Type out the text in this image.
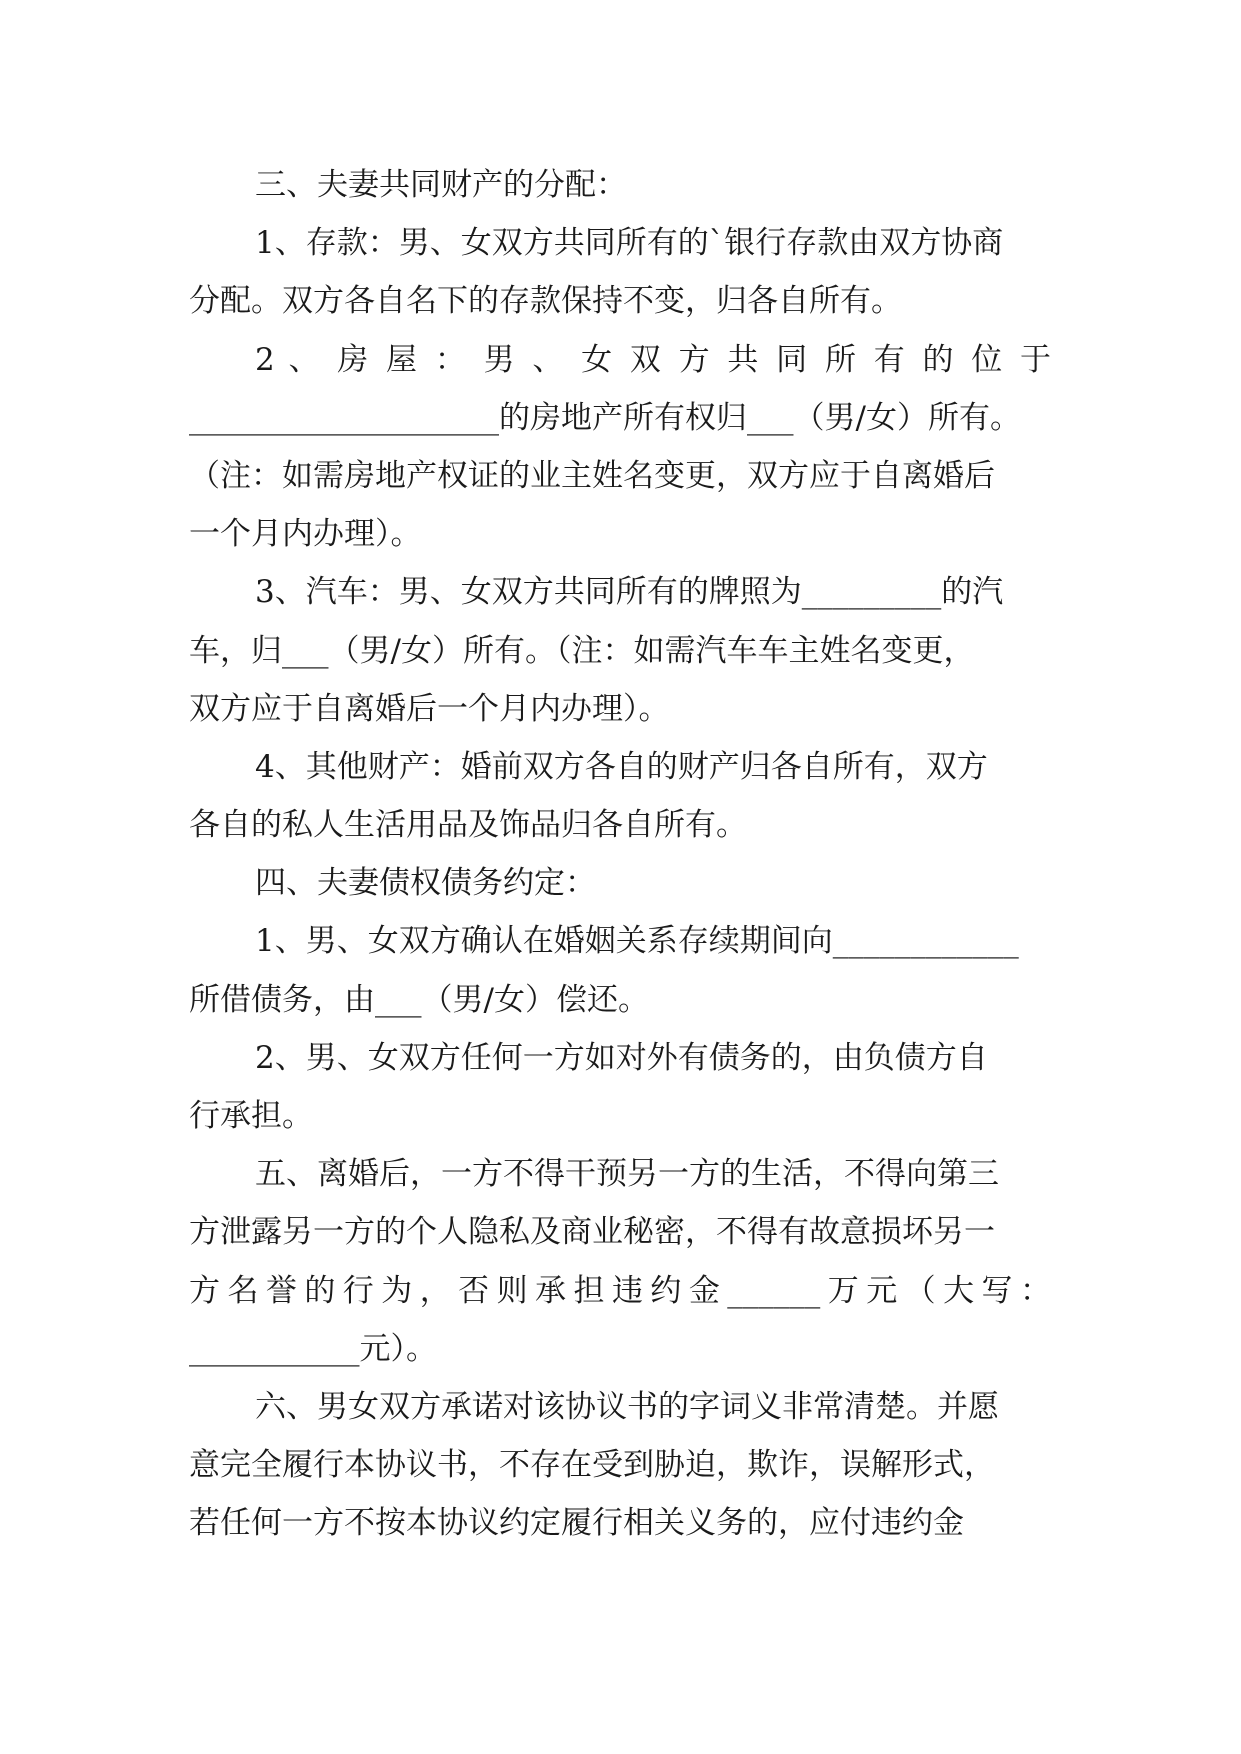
三、夫妻共同财产的分配：
1、存款：男、女双方共同所有的`银行存款由双方协商
分配。双方各自名下的存款保持不变，归各自所有。
2 、 房 屋 ： 男 、 女 双 方 共 同 所 有 的 位 于
____________________的房地产所有权归___（男/女）所有。
（注：如需房地产权证的业主姓名变更，双方应于自离婚后
一个月内办理）。
3、汽车：男、女双方共同所有的牌照为_________的汽
车，归___（男/女）所有。（注：如需汽车车主姓名变更，
双方应于自离婚后一个月内办理）。
4、其他财产：婚前双方各自的财产归各自所有，双方
各自的私人生活用品及饰品归各自所有。
四、夫妻债权债务约定：
1、男、女双方确认在婚姻关系存续期间向____________
所借债务，由___（男/女）偿还。
2、男、女双方任何一方如对外有债务的，由负债方自
行承担。
五、离婚后，一方不得干预另一方的生活，不得向第三
方泄露另一方的个人隐私及商业秘密，不得有故意损坏另一
方名誉的行为，否则承担违约金______万元（大写：
___________元）。
六、男女双方承诺对该协议书的字词义非常清楚。并愿
意完全履行本协议书，不存在受到胁迫，欺诈，误解形式，
若任何一方不按本协议约定履行相关义务的，应付违约金
